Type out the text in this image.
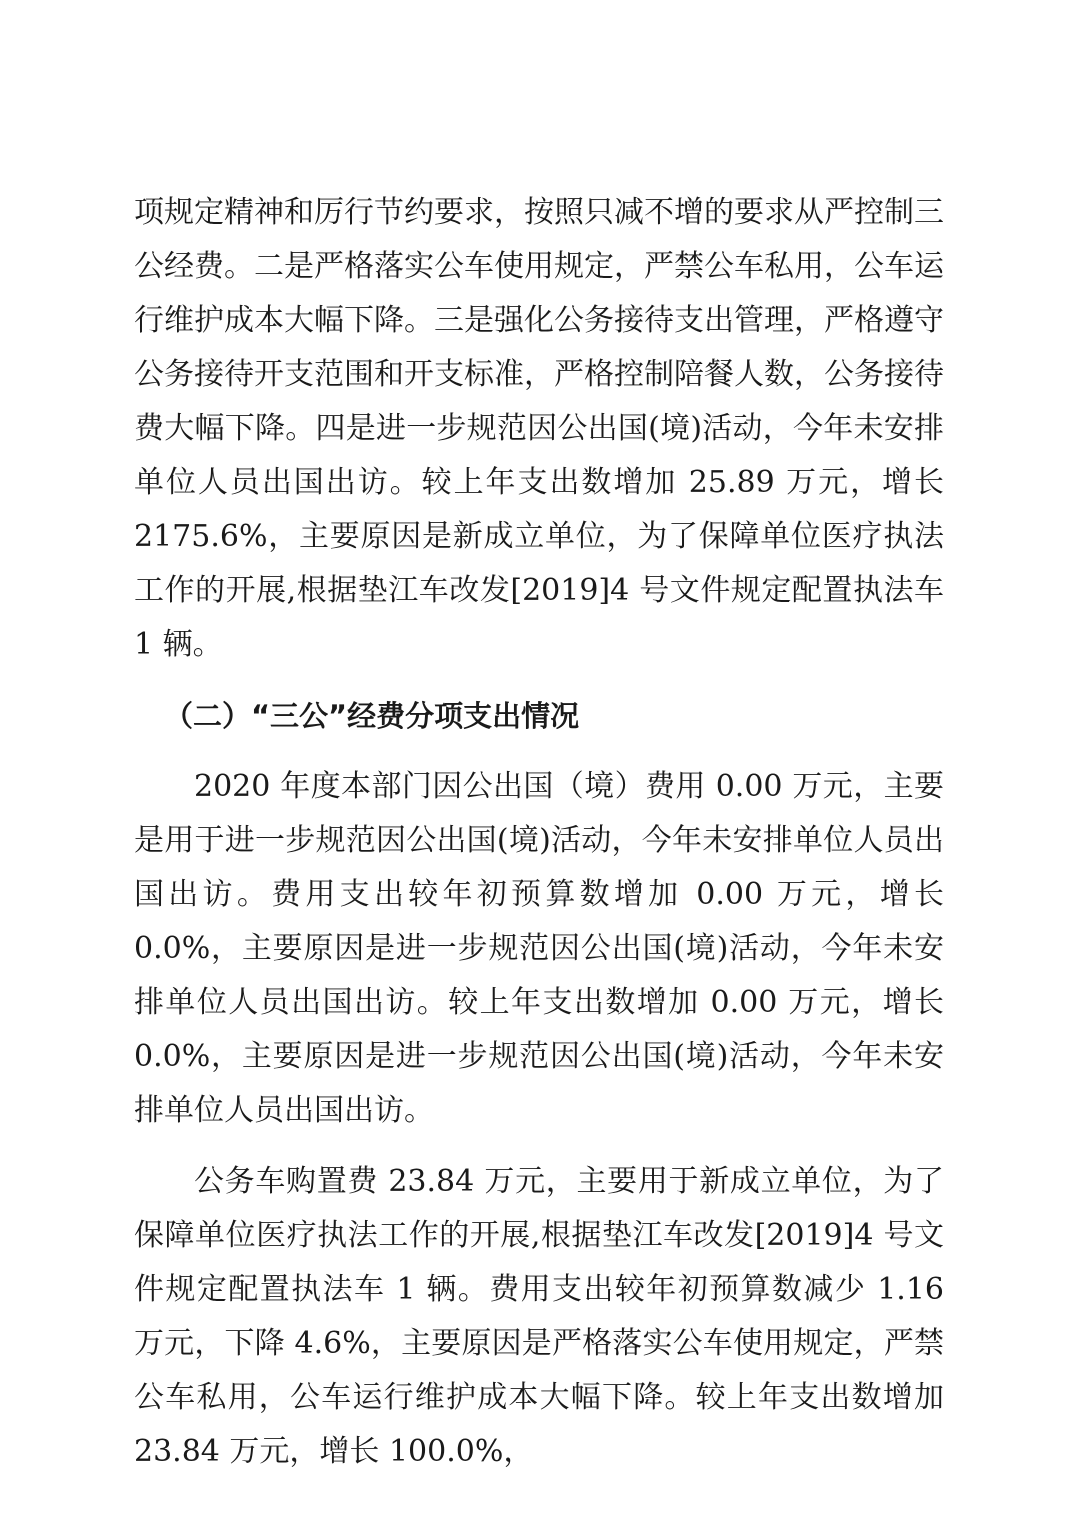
项规定精神和厉行节约要求，按照只减不增的要求从严控制三公经费。二是严格落实公车使用规定，严禁公车私用，公车运行维护成本大幅下降。三是强化公务接待支出管理，严格遵守公务接待开支范围和开支标准，严格控制陪餐人数，公务接待费大幅下降。四是进一步规范因公出国(境)活动，今年未安排单位人员出国出访。较上年支出数增加 25.89 万元，增长 2175.6%，主要原因是新成立单位，为了保障单位医疗执法工作的开展,根据垫江车改发[2019]4 号文件规定配置执法车 1 辆。

（二）“三公”经费分项支出情况

2020 年度本部门因公出国（境）费用 0.00 万元，主要是用于进一步规范因公出国(境)活动，今年未安排单位人员出国出访。费用支出较年初预算数增加 0.00 万元，增长 0.0%，主要原因是进一步规范因公出国(境)活动，今年未安排单位人员出国出访。较上年支出数增加 0.00 万元，增长 0.0%，主要原因是进一步规范因公出国(境)活动，今年未安排单位人员出国出访。

公务车购置费 23.84 万元，主要用于新成立单位，为了保障单位医疗执法工作的开展,根据垫江车改发[2019]4 号文件规定配置执法车 1 辆。费用支出较年初预算数减少 1.16 万元，下降 4.6%，主要原因是严格落实公车使用规定，严禁公车私用，公车运行维护成本大幅下降。较上年支出数增加 23.84 万元，增长 100.0%，
